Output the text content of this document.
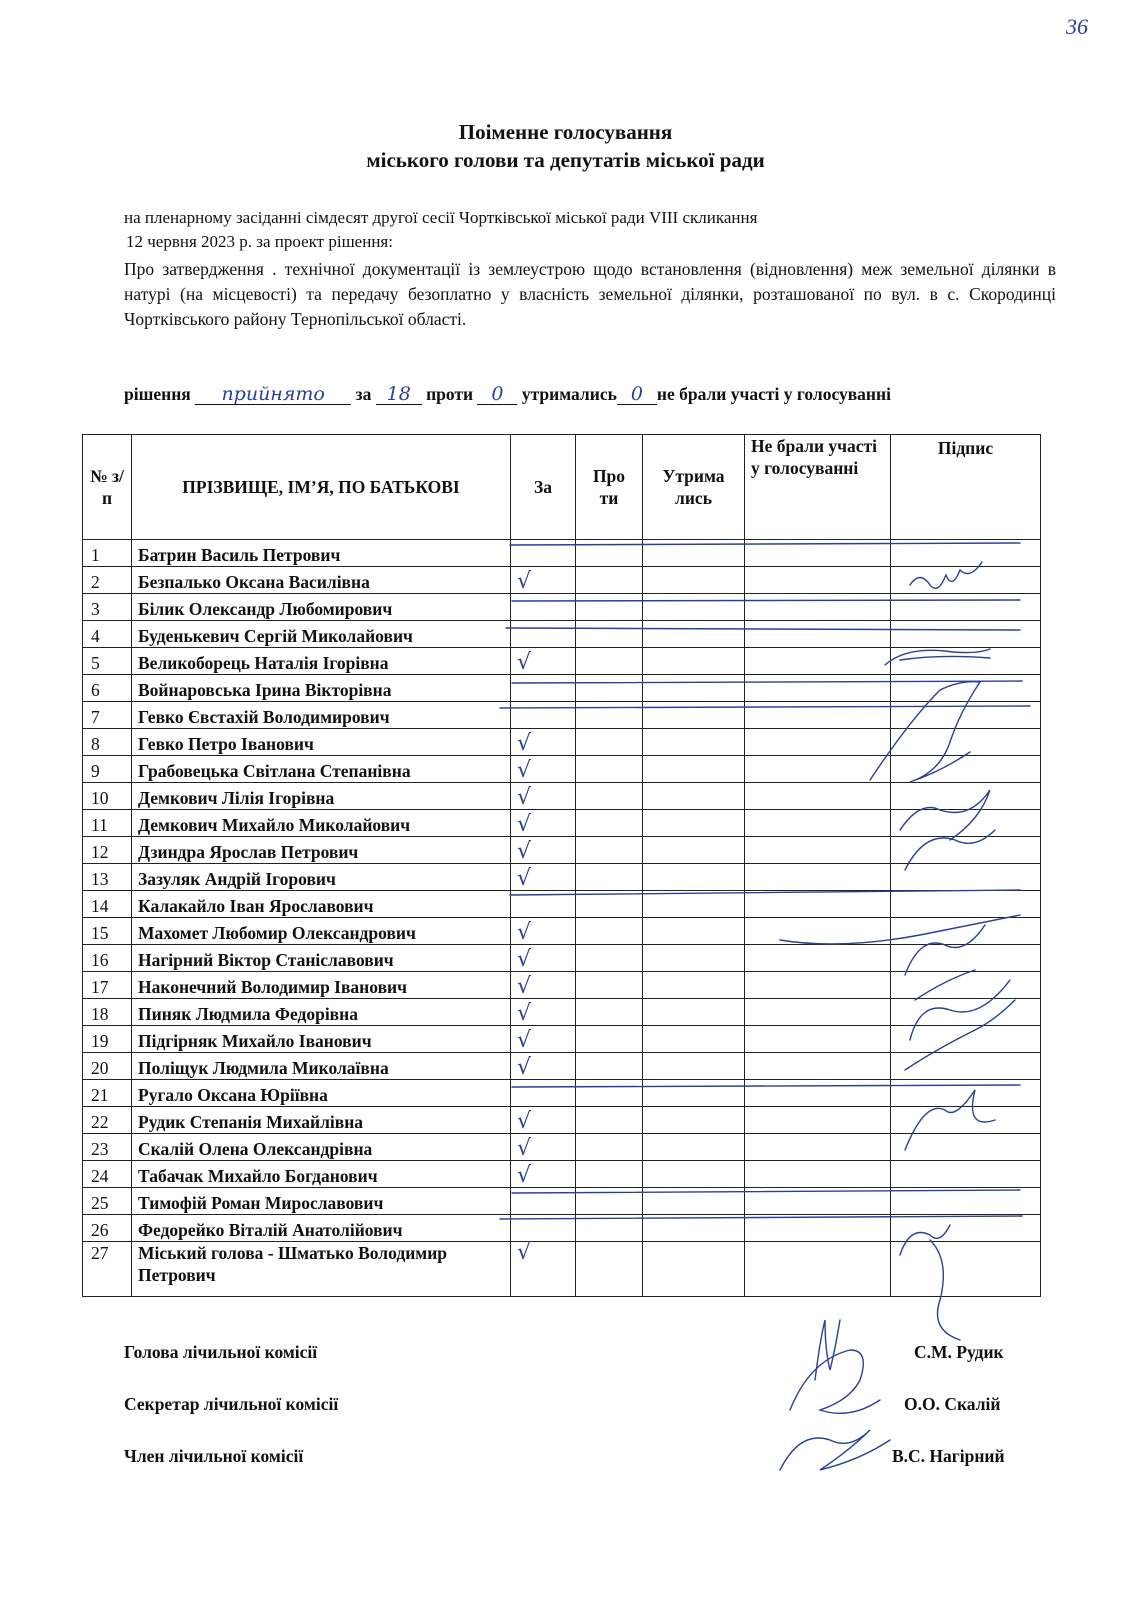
36
Поіменне голосування
міського голови та депутатів міської ради
на пленарному засіданні сімдесят другої сесії Чортківської міської ради VIII скликання
12 червня 2023 р. за проект рішення:
Про затвердження . технічної документації із землеустрою щодо встановлення (відновлення) меж земельної ділянки в натурі (на місцевості) та передачу безоплатно у власність земельної ділянки, розташованої по вул. в с. Скородинці Чортківського району Тернопільської області.
рішення прийнято за 18 проти 0 утримались 0 не брали участі у голосуванні
№ з/п	ПРІЗВИЩЕ, ІМ’Я, ПО БАТЬКОВІ	За	Про ти	Утрима лись	Не брали участі у голосуванні	Підпис
1	Батрин Василь Петрович					
2	Безпалько Оксана Василівна	√				
3	Білик Олександр Любомирович					
4	Буденькевич Сергій Миколайович					
5	Великоборець Наталія Ігорівна	√				
6	Войнаровська Ірина Вікторівна					
7	Гевко Євстахій Володимирович					
8	Гевко Петро Іванович	√				
9	Грабовецька Світлана Степанівна	√				
10	Демкович Лілія Ігорівна	√				
11	Демкович Михайло Миколайович	√				
12	Дзиндра Ярослав Петрович	√				
13	Зазуляк Андрій Ігорович	√				
14	Калакайло Іван Ярославович					
15	Махомет Любомир Олександрович	√				
16	Нагірний Віктор Станіславович	√				
17	Наконечний Володимир Іванович	√				
18	Пиняк Людмила Федорівна	√				
19	Підгірняк Михайло Іванович	√				
20	Поліщук Людмила Миколаївна	√				
21	Ругало Оксана Юріївна					
22	Рудик Степанія Михайлівна	√				
23	Скалій Олена Олександрівна	√				
24	Табачак Михайло Богданович	√				
25	Тимофій Роман Мирославович					
26	Федорейко Віталій Анатолійович					
27	Міський голова - Шматько Володимир Петрович	√				
Голова лічильної комісії	С.М. Рудик
Секретар лічильної комісії	О.О. Скалій
Член лічильної комісії	В.С. Нагірний
